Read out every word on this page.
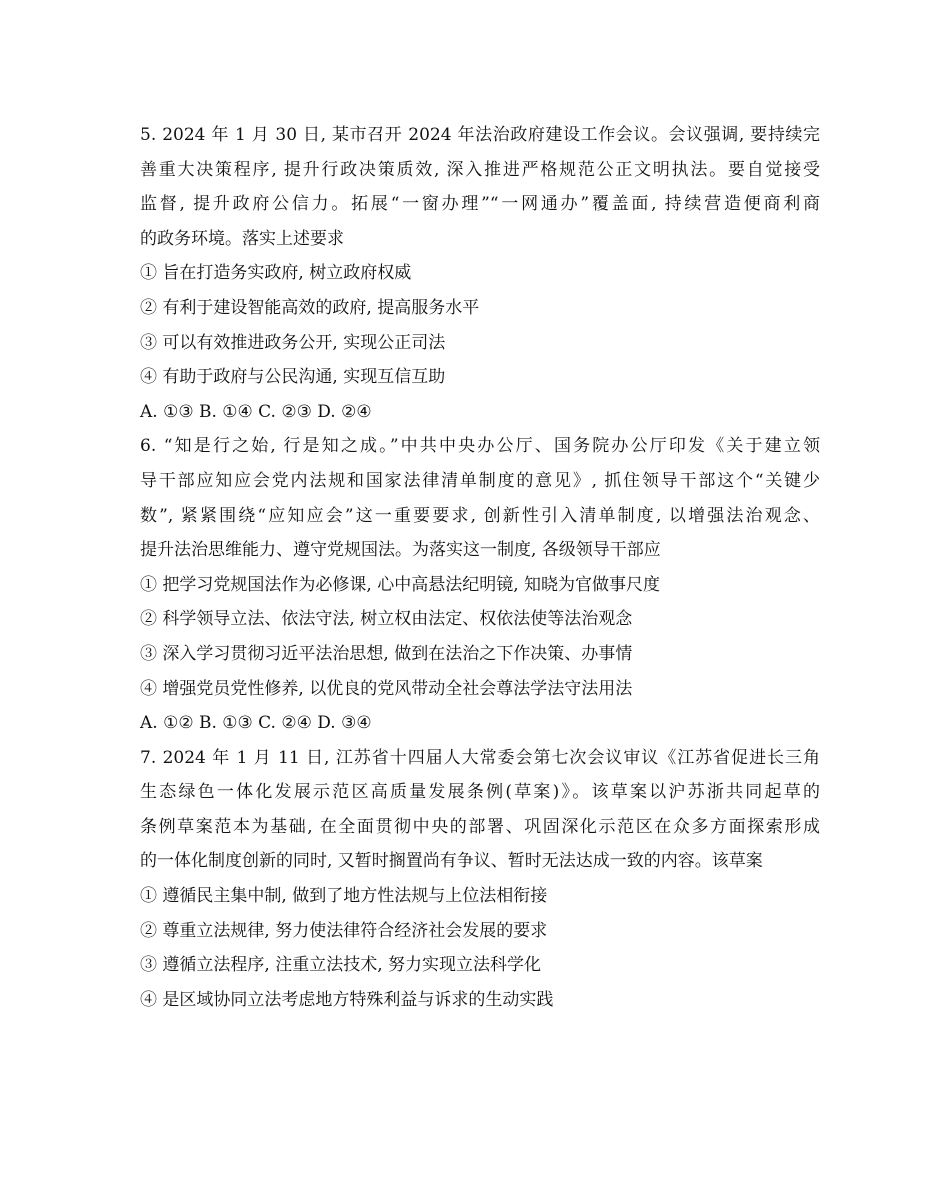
5. 2024 年 1 月 30 日, 某市召开 2024 年法治政府建设工作会议。会议强调, 要持续完
善重大决策程序, 提升行政决策质效, 深入推进严格规范公正文明执法。要自觉接受
监督, 提升政府公信力。拓展“一窗办理”“一网通办”覆盖面, 持续营造便商利商
的政务环境。落实上述要求
① 旨在打造务实政府, 树立政府权威
② 有利于建设智能高效的政府, 提高服务水平
③ 可以有效推进政务公开, 实现公正司法
④ 有助于政府与公民沟通, 实现互信互助
A. ①③ B. ①④ C. ②③ D. ②④
6. “知是行之始, 行是知之成。”中共中央办公厅、国务院办公厅印发《关于建立领
导干部应知应会党内法规和国家法律清单制度的意见》, 抓住领导干部这个“关键少
数”, 紧紧围绕“应知应会”这一重要要求, 创新性引入清单制度, 以增强法治观念、
提升法治思维能力、遵守党规国法。为落实这一制度, 各级领导干部应
① 把学习党规国法作为必修课, 心中高悬法纪明镜, 知晓为官做事尺度
② 科学领导立法、依法守法, 树立权由法定、权依法使等法治观念
③ 深入学习贯彻习近平法治思想, 做到在法治之下作决策、办事情
④ 增强党员党性修养, 以优良的党风带动全社会尊法学法守法用法
A. ①② B. ①③ C. ②④ D. ③④
7. 2024 年 1 月 11 日, 江苏省十四届人大常委会第七次会议审议《江苏省促进长三角
生态绿色一体化发展示范区高质量发展条例(草案)》。该草案以沪苏浙共同起草的
条例草案范本为基础, 在全面贯彻中央的部署、巩固深化示范区在众多方面探索形成
的一体化制度创新的同时, 又暂时搁置尚有争议、暂时无法达成一致的内容。该草案
① 遵循民主集中制, 做到了地方性法规与上位法相衔接
② 尊重立法规律, 努力使法律符合经济社会发展的要求
③ 遵循立法程序, 注重立法技术, 努力实现立法科学化
④ 是区域协同立法考虑地方特殊利益与诉求的生动实践
